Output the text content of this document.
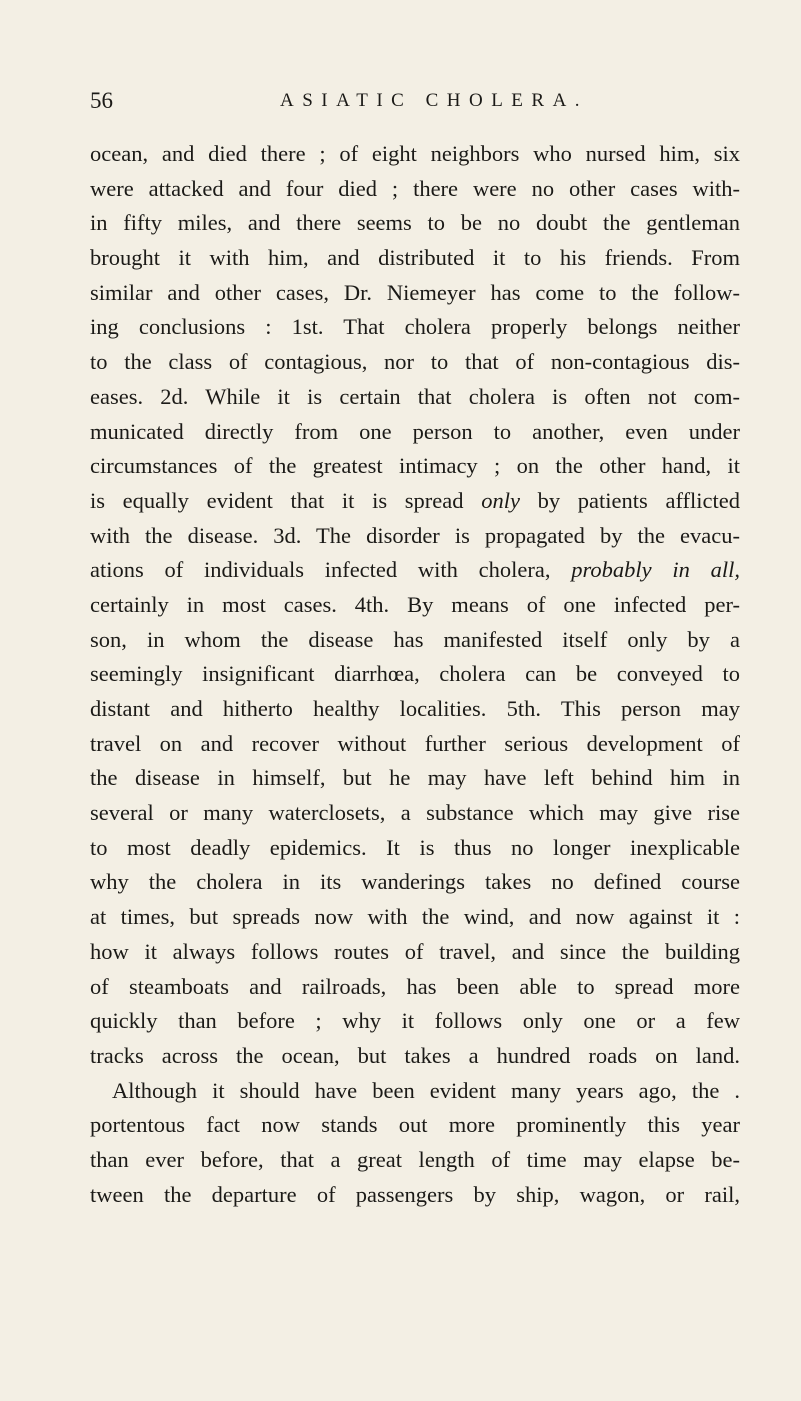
56	ASIATIC CHOLERA.
ocean, and died there ; of eight neighbors who nursed him, six
were attacked and four died ; there were no other cases with-
in fifty miles, and there seems to be no doubt the gentleman
brought it with him, and distributed it to his friends. From
similar and other cases, Dr. Niemeyer has come to the follow-
ing conclusions : 1st. That cholera properly belongs neither
to the class of contagious, nor to that of non-contagious dis-
eases. 2d. While it is certain that cholera is often not com-
municated directly from one person to another, even under
circumstances of the greatest intimacy ; on the other hand, it
is equally evident that it is spread only by patients afflicted
with the disease. 3d. The disorder is propagated by the evacu-
ations of individuals infected with cholera, probably in all,
certainly in most cases. 4th. By means of one infected per-
son, in whom the disease has manifested itself only by a
seemingly insignificant diarrhœa, cholera can be conveyed to
distant and hitherto healthy localities. 5th. This person may
travel on and recover without further serious development of
the disease in himself, but he may have left behind him in
several or many waterclosets, a substance which may give rise
to most deadly epidemics. It is thus no longer inexplicable
why the cholera in its wanderings takes no defined course
at times, but spreads now with the wind, and now against it :
how it always follows routes of travel, and since the building
of steamboats and railroads, has been able to spread more
quickly than before ; why it follows only one or a few
tracks across the ocean, but takes a hundred roads on land.
Although it should have been evident many years ago, the .
portentous fact now stands out more prominently this year
than ever before, that a great length of time may elapse be-
tween the departure of passengers by ship, wagon, or rail,
